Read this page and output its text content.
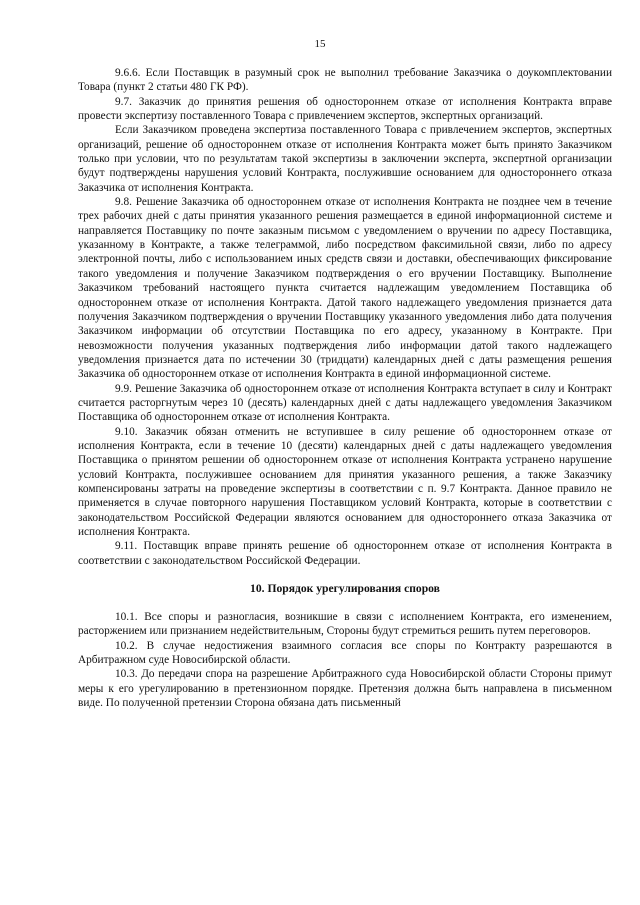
15

9.6.6. Если Поставщик в разумный срок не выполнил требование Заказчика о доукомплектовании Товара (пункт 2 статьи 480 ГК РФ).

9.7. Заказчик до принятия решения об одностороннем отказе от исполнения Контракта вправе провести экспертизу поставленного Товара с привлечением экспертов, экспертных организаций.

Если Заказчиком проведена экспертиза поставленного Товара с привлечением экспертов, экспертных организаций, решение об одностороннем отказе от исполнения Контракта может быть принято Заказчиком только при условии, что по результатам такой экспертизы в заключении эксперта, экспертной организации будут подтверждены нарушения условий Контракта, послужившие основанием для одностороннего отказа Заказчика от исполнения Контракта.

9.8. Решение Заказчика об одностороннем отказе от исполнения Контракта не позднее чем в течение трех рабочих дней с даты принятия указанного решения размещается в единой информационной системе и направляется Поставщику по почте заказным письмом с уведомлением о вручении по адресу Поставщика, указанному в Контракте, а также телеграммой, либо посредством факсимильной связи, либо по адресу электронной почты, либо с использованием иных средств связи и доставки, обеспечивающих фиксирование такого уведомления и получение Заказчиком подтверждения о его вручении Поставщику. Выполнение Заказчиком требований настоящего пункта считается надлежащим уведомлением Поставщика об одностороннем отказе от исполнения Контракта. Датой такого надлежащего уведомления признается дата получения Заказчиком подтверждения о вручении Поставщику указанного уведомления либо дата получения Заказчиком информации об отсутствии Поставщика по его адресу, указанному в Контракте. При невозможности получения указанных подтверждения либо информации датой такого надлежащего уведомления признается дата по истечении 30 (тридцати) календарных дней с даты размещения решения Заказчика об одностороннем отказе от исполнения Контракта в единой информационной системе.

9.9. Решение Заказчика об одностороннем отказе от исполнения Контракта вступает в силу и Контракт считается расторгнутым через 10 (десять) календарных дней с даты надлежащего уведомления Заказчиком Поставщика об одностороннем отказе от исполнения Контракта.

9.10. Заказчик обязан отменить не вступившее в силу решение об одностороннем отказе от исполнения Контракта, если в течение 10 (десяти) календарных дней с даты надлежащего уведомления Поставщика о принятом решении об одностороннем отказе от исполнения Контракта устранено нарушение условий Контракта, послужившее основанием для принятия указанного решения, а также Заказчику компенсированы затраты на проведение экспертизы в соответствии с п. 9.7 Контракта. Данное правило не применяется в случае повторного нарушения Поставщиком условий Контракта, которые в соответствии с законодательством Российской Федерации являются основанием для одностороннего отказа Заказчика от исполнения Контракта.

9.11. Поставщик вправе принять решение об одностороннем отказе от исполнения Контракта в соответствии с законодательством Российской Федерации.

10. Порядок урегулирования споров

10.1. Все споры и разногласия, возникшие в связи с исполнением Контракта, его изменением, расторжением или признанием недействительным, Стороны будут стремиться решить путем переговоров.

10.2. В случае недостижения взаимного согласия все споры по Контракту разрешаются в Арбитражном суде Новосибирской области.

10.3. До передачи спора на разрешение Арбитражного суда Новосибирской области Стороны примут меры к его урегулированию в претензионном порядке. Претензия должна быть направлена в письменном виде. По полученной претензии Сторона обязана дать письменный
